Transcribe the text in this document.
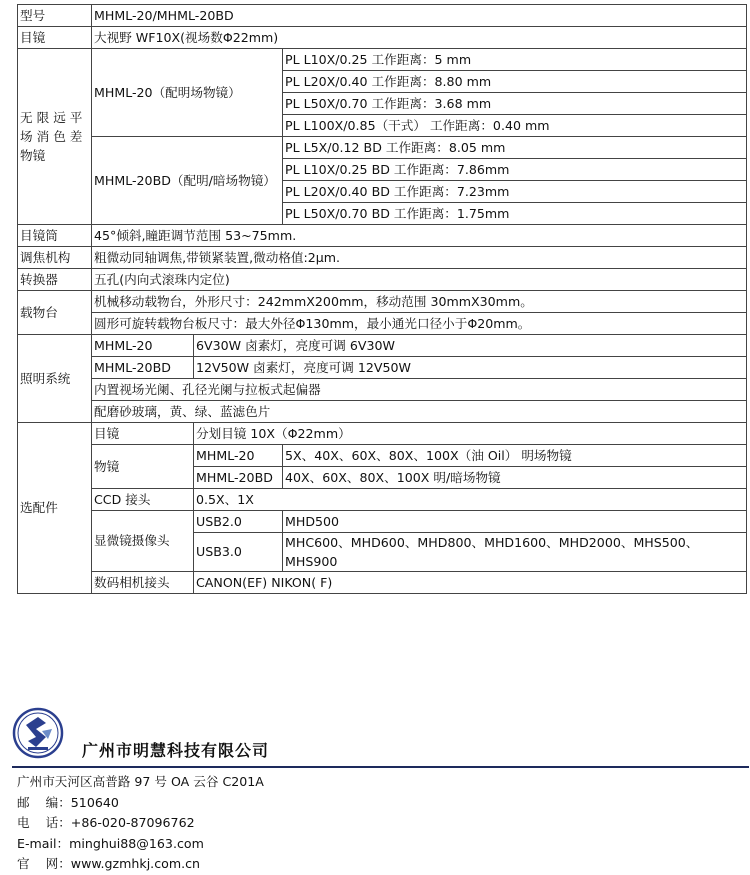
型号	MHML-20/MHML-20BD		
目镜	大视野 WF10X(视场数Φ22mm)		
无 限 远 平 场 消 色 差 物镜	MHML-20（配明场物镜）		PL L10X/0.25 工作距离：5 mm
			PL L20X/0.40 工作距离：8.80 mm
			PL L50X/0.70 工作距离：3.68 mm
			PL L100X/0.85（干式） 工作距离：0.40 mm
	MHML-20BD（配明/暗场物镜）		PL L5X/0.12 BD 工作距离：8.05 mm
			PL L10X/0.25 BD 工作距离：7.86mm
			PL L20X/0.40 BD 工作距离：7.23mm
			PL L50X/0.70 BD 工作距离：1.75mm
目镜筒	45°倾斜,瞳距调节范围 53~75mm.		
调焦机构	粗微动同轴调焦,带锁紧装置,微动格值:2μm.		
转换器	五孔(内向式滚珠内定位)		
载物台	机械移动载物台，外形尺寸：242mmX200mm，移动范围 30mmX30mm。		
	圆形可旋转载物台板尺寸：最大外径Φ130mm，最小通光口径小于Φ20mm。		
照明系统	MHML-20	6V30W 卤素灯，亮度可调 6V30W	
	MHML-20BD	12V50W 卤素灯，亮度可调 12V50W	
	内置视场光阑、孔径光阑与拉板式起偏器		
	配磨砂玻璃，黄、绿、蓝滤色片		
选配件	目镜	分划目镜 10X（Φ22mm）	
	物镜	MHML-20	5X、40X、60X、80X、100X（油 Oil） 明场物镜
		MHML-20BD	40X、60X、80X、100X 明/暗场物镜
	CCD 接头	0.5X、1X	
	显微镜摄像头	USB2.0	MHD500
		USB3.0	MHC600、MHD600、MHD800、MHD1600、MHD2000、MHS500、MHS900

	数码相机接头	CANON(EF) NIKON( F)	
广州市明慧科技有限公司
广州市天河区高普路 97 号 OA 云谷 C201A
邮    编：510640
电    话：+86-020-87096762
E-mail：minghui88@163.com
官    网：www.gzmhkj.com.cn
